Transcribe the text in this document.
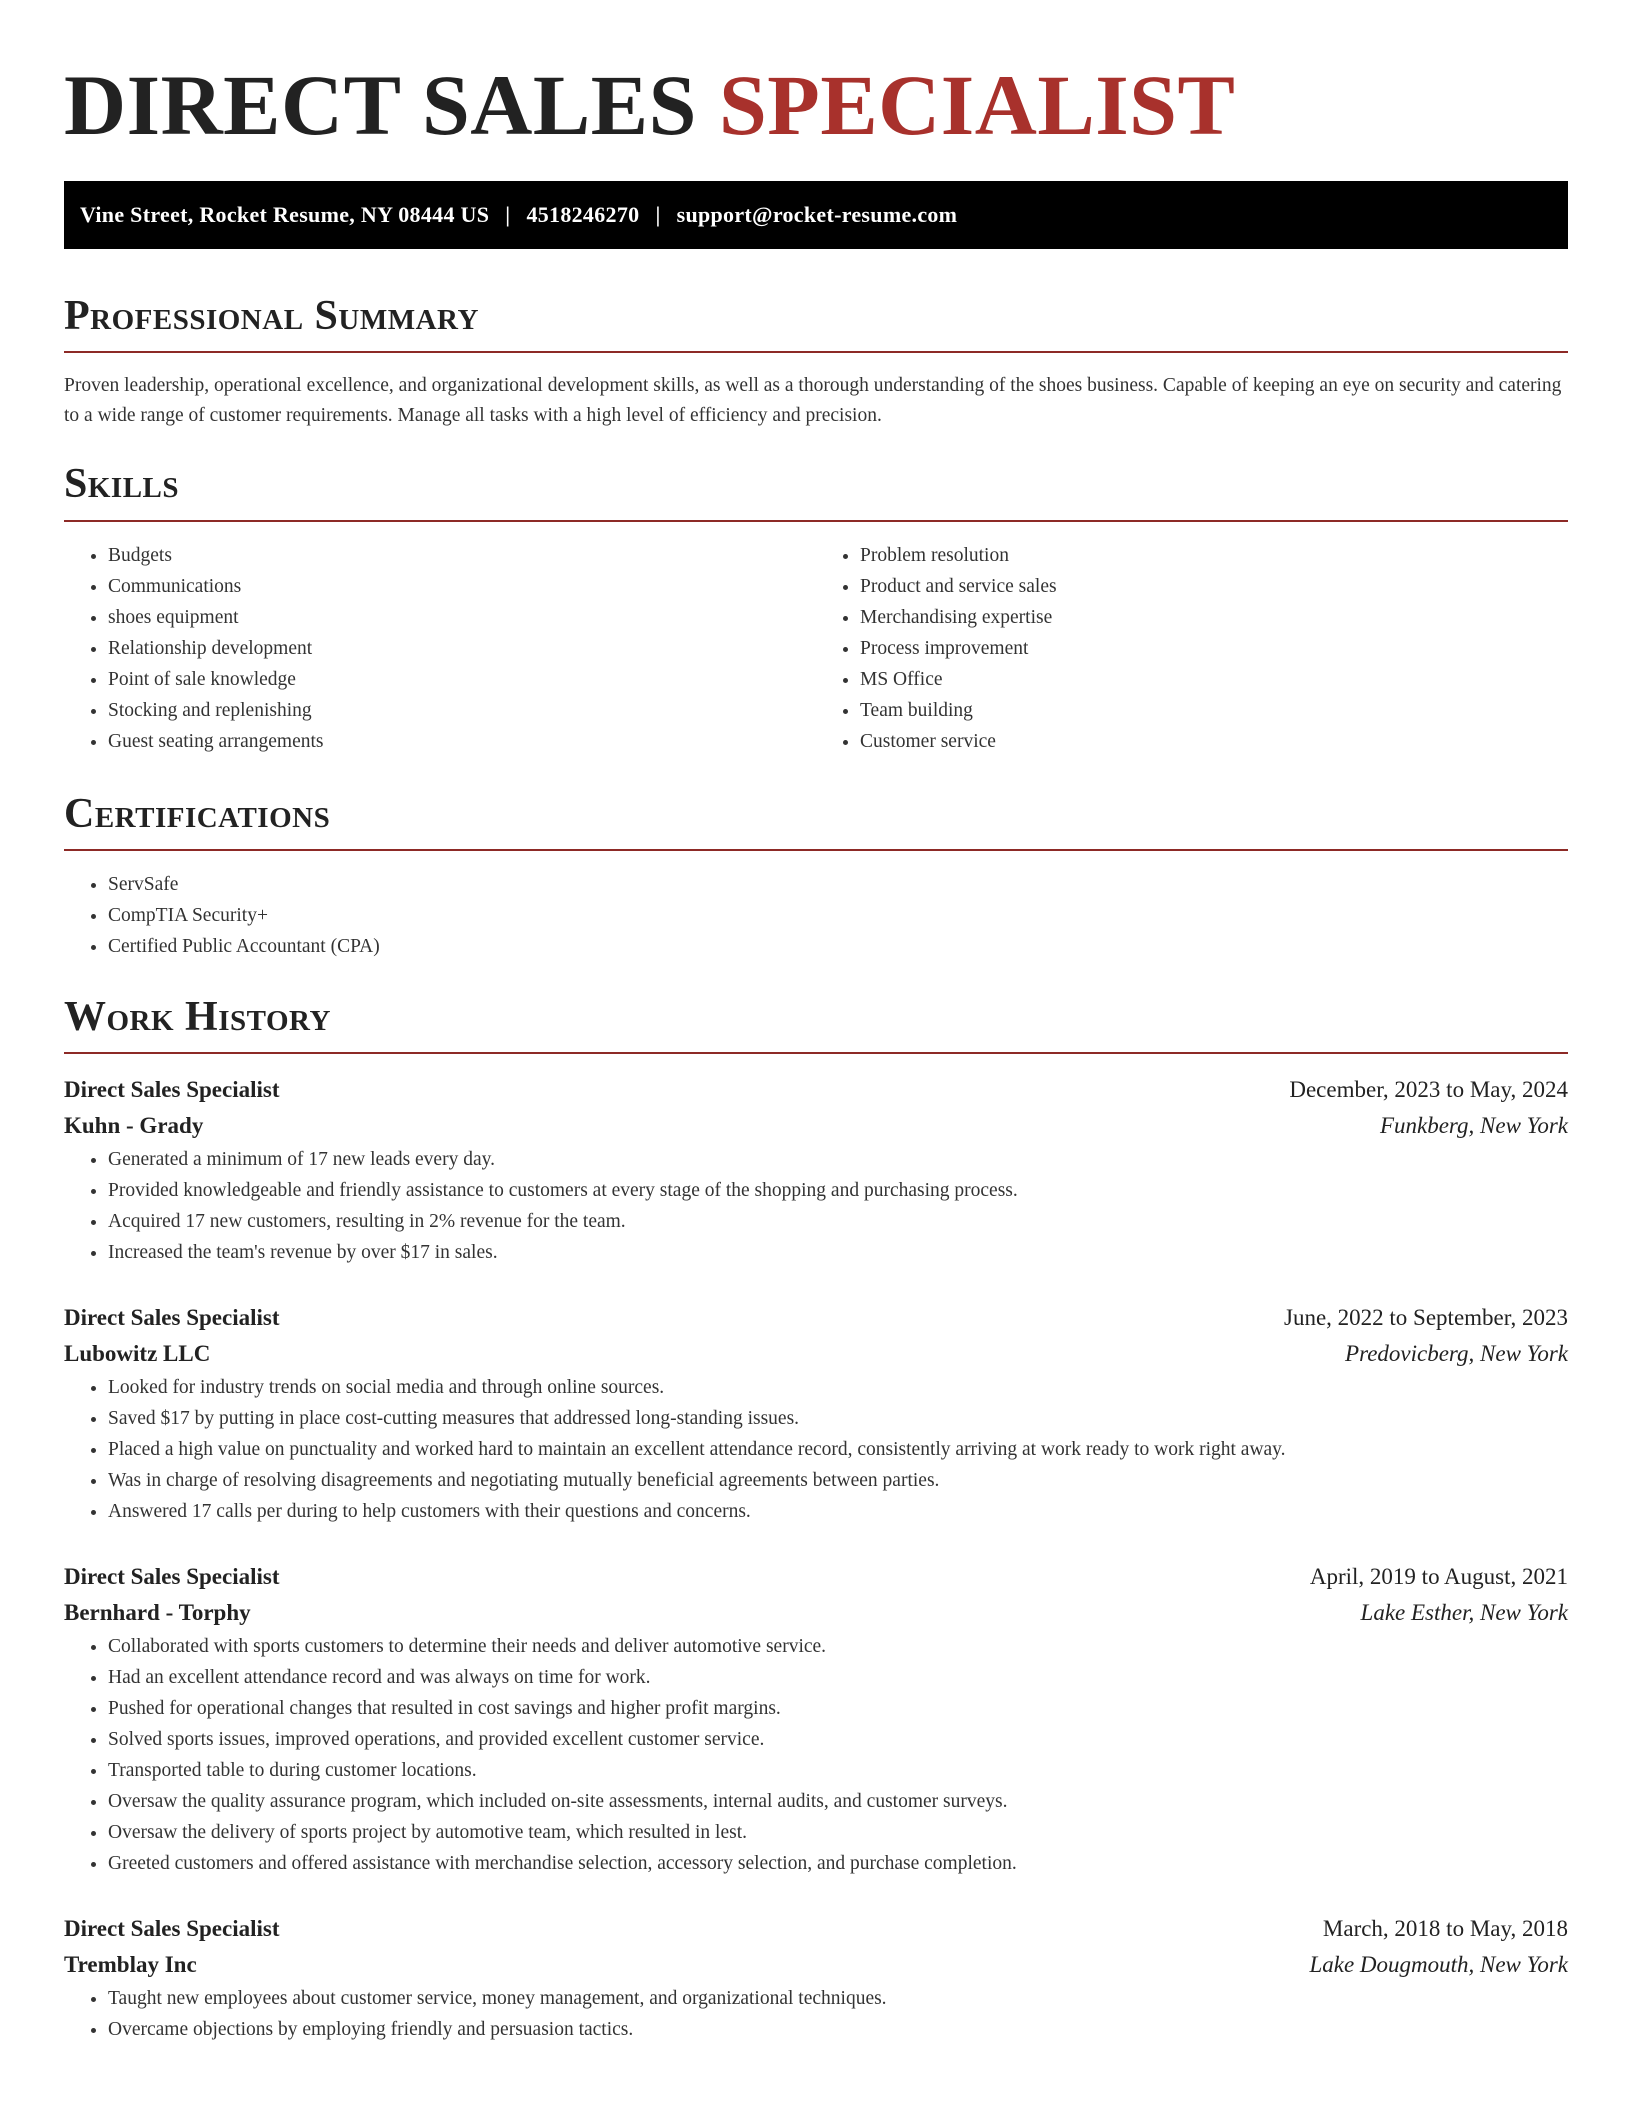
DIRECT SALES SPECIALIST
Vine Street, Rocket Resume, NY 08444 US | 4518246270 | support@rocket-resume.com
Professional Summary

Proven leadership, operational excellence, and organizational development skills, as well as a thorough understanding of the shoes business. Capable of keeping an eye on security and catering to a wide range of customer requirements. Manage all tasks with a high level of efficiency and precision.

Skills
• Budgets
• Communications
• shoes equipment
• Relationship development
• Point of sale knowledge
• Stocking and replenishing
• Guest seating arrangements
• Problem resolution
• Product and service sales
• Merchandising expertise
• Process improvement
• MS Office
• Team building
• Customer service
Certifications
• ServSafe
• CompTIA Security+
• Certified Public Accountant (CPA)
Work History
Direct Sales Specialist	December, 2023 to May, 2024
Kuhn - Grady	Funkberg, New York
• Generated a minimum of 17 new leads every day.
• Provided knowledgeable and friendly assistance to customers at every stage of the shopping and purchasing process.
• Acquired 17 new customers, resulting in 2% revenue for the team.
• Increased the team's revenue by over $17 in sales.
Direct Sales Specialist	June, 2022 to September, 2023
Lubowitz LLC	Predovicberg, New York
• Looked for industry trends on social media and through online sources.
• Saved $17 by putting in place cost-cutting measures that addressed long-standing issues.
• Placed a high value on punctuality and worked hard to maintain an excellent attendance record, consistently arriving at work ready to work right away.
• Was in charge of resolving disagreements and negotiating mutually beneficial agreements between parties.
• Answered 17 calls per during to help customers with their questions and concerns.
Direct Sales Specialist	April, 2019 to August, 2021
Bernhard - Torphy	Lake Esther, New York
• Collaborated with sports customers to determine their needs and deliver automotive service.
• Had an excellent attendance record and was always on time for work.
• Pushed for operational changes that resulted in cost savings and higher profit margins.
• Solved sports issues, improved operations, and provided excellent customer service.
• Transported table to during customer locations.
• Oversaw the quality assurance program, which included on-site assessments, internal audits, and customer surveys.
• Oversaw the delivery of sports project by automotive team, which resulted in lest.
• Greeted customers and offered assistance with merchandise selection, accessory selection, and purchase completion.
Direct Sales Specialist	March, 2018 to May, 2018
Tremblay Inc	Lake Dougmouth, New York
• Taught new employees about customer service, money management, and organizational techniques.
• Overcame objections by employing friendly and persuasion tactics.
